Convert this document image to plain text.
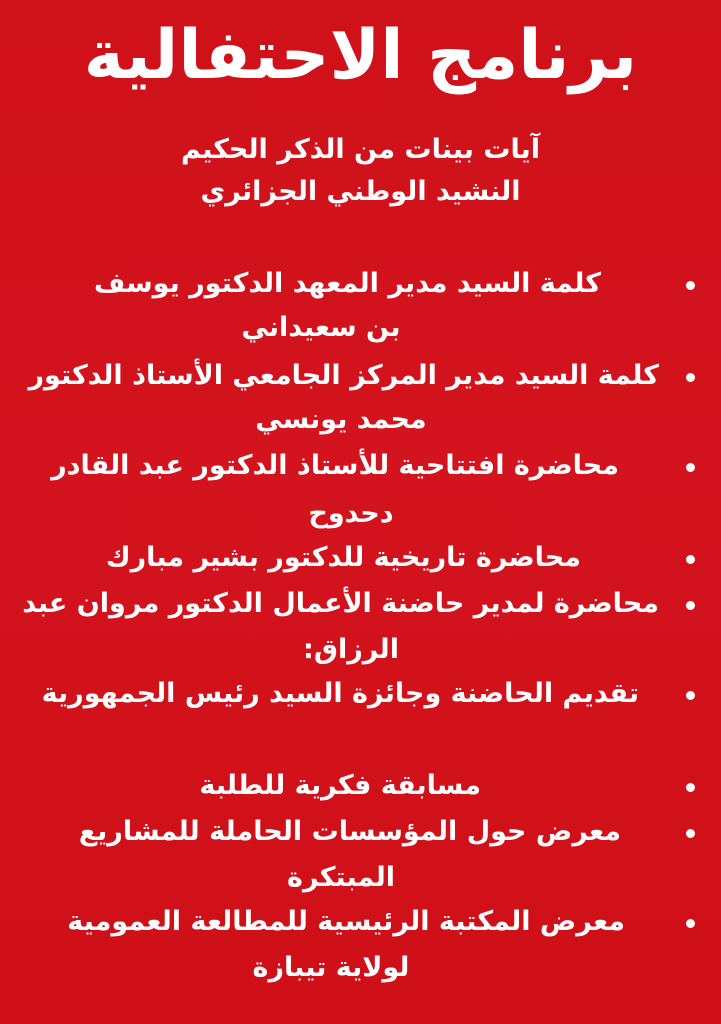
برنامج الاحتفالية
آيات بينات من الذكر الحكيم
النشيد الوطني الجزائري
كلمة السيد مدير المعهد الدكتور يوسف
بن سعيداني
كلمة السيد مدير المركز الجامعي الأستاذ الدكتور
محمد يونسي
محاضرة افتتاحية للأستاذ الدكتور عبد القادر
دحدوح
محاضرة تاريخية للدكتور بشير مبارك
محاضرة لمدير حاضنة الأعمال الدكتور مروان عبد
الرزاق:
تقديم الحاضنة وجائزة السيد رئيس الجمهورية
مسابقة فكرية للطلبة
معرض حول المؤسسات الحاملة للمشاريع
المبتكرة
معرض المكتبة الرئيسية للمطالعة العمومية
لولاية تيبازة
